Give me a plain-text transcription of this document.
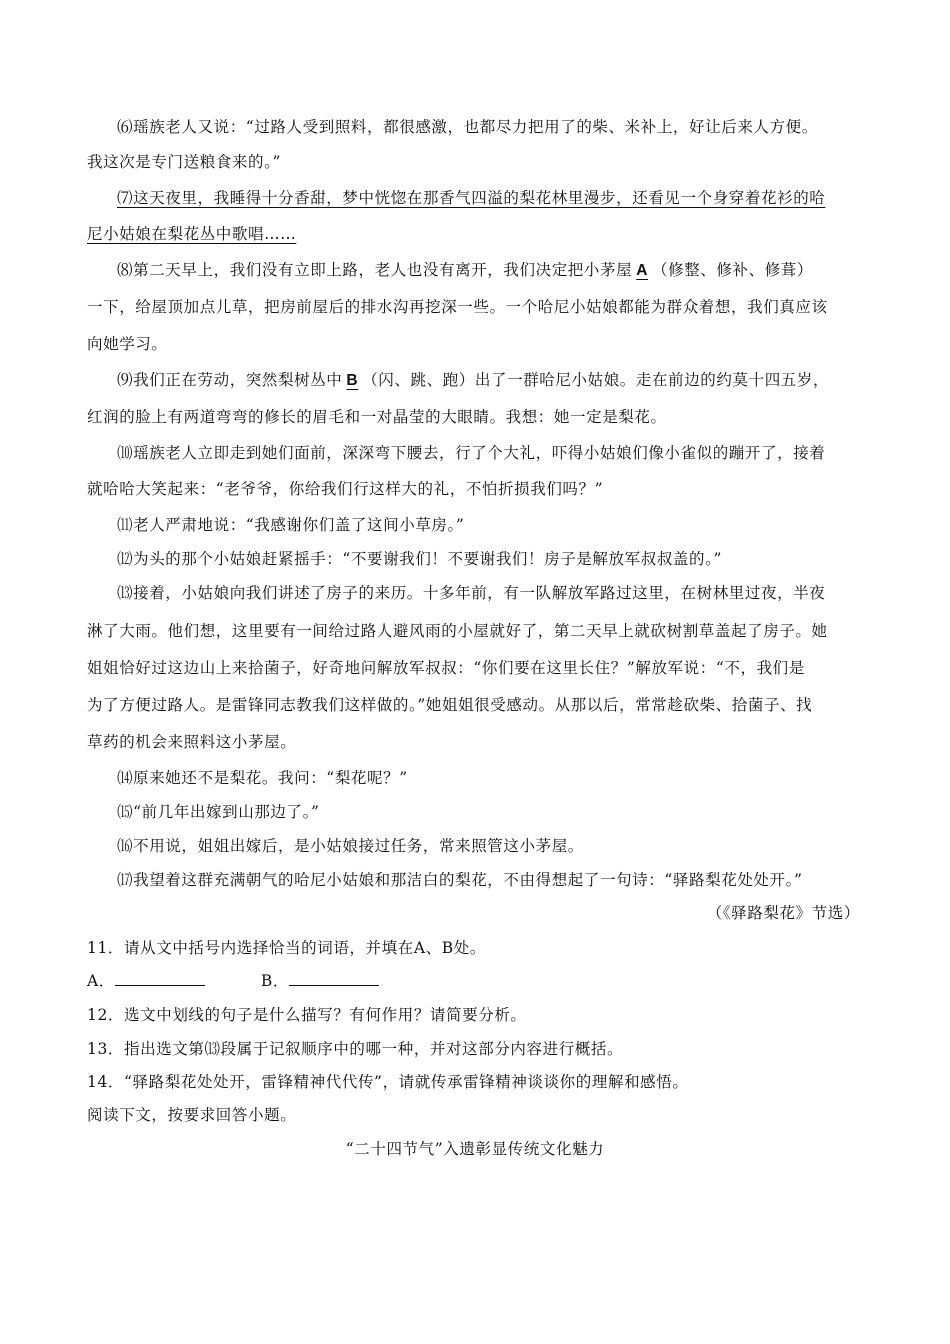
⑹瑶族老人又说：“过路人受到照料，都很感激，也都尽力把用了的柴、米补上，好让后来人方便。
我这次是专门送粮食来的。”
⑺这天夜里，我睡得十分香甜，梦中恍惚在那香气四溢的梨花林里漫步，还看见一个身穿着花衫的哈
尼小姑娘在梨花丛中歌唱……
⑻第二天早上，我们没有立即上路，老人也没有离开，我们决定把小茅屋 A （修整、修补、修葺）
一下，给屋顶加点儿草，把房前屋后的排水沟再挖深一些。一个哈尼小姑娘都能为群众着想，我们真应该
向她学习。
⑼我们正在劳动，突然梨树丛中 B （闪、跳、跑）出了一群哈尼小姑娘。走在前边的约莫十四五岁，
红润的脸上有两道弯弯的修长的眉毛和一对晶莹的大眼睛。我想：她一定是梨花。
⑽瑶族老人立即走到她们面前，深深弯下腰去，行了个大礼，吓得小姑娘们像小雀似的蹦开了，接着
就哈哈大笑起来：“老爷爷，你给我们行这样大的礼，不怕折损我们吗？”
⑾老人严肃地说：“我感谢你们盖了这间小草房。”
⑿为头的那个小姑娘赶紧摇手：“不要谢我们！不要谢我们！房子是解放军叔叔盖的。”
⒀接着，小姑娘向我们讲述了房子的来历。十多年前，有一队解放军路过这里，在树林里过夜，半夜
淋了大雨。他们想，这里要有一间给过路人避风雨的小屋就好了，第二天早上就砍树割草盖起了房子。她
姐姐恰好过这边山上来拾菌子，好奇地问解放军叔叔：“你们要在这里长住？”解放军说：“不，我们是
为了方便过路人。是雷锋同志教我们这样做的。”她姐姐很受感动。从那以后，常常趁砍柴、拾菌子、找
草药的机会来照料这小茅屋。
⒁原来她还不是梨花。我问：“梨花呢？”
⒂“前几年出嫁到山那边了。”
⒃不用说，姐姐出嫁后，是小姑娘接过任务，常来照管这小茅屋。
⒄我望着这群充满朝气的哈尼小姑娘和那洁白的梨花，不由得想起了一句诗：“驿路梨花处处开。”
（《驿路梨花》节选）
11．请从文中括号内选择恰当的词语，并填在A、B处。
A．	B．
12．选文中划线的句子是什么描写？有何作用？请简要分析。
13．指出选文第⒀段属于记叙顺序中的哪一种，并对这部分内容进行概括。
14．“驿路梨花处处开，雷锋精神代代传”，请就传承雷锋精神谈谈你的理解和感悟。
阅读下文，按要求回答小题。
“二十四节气”入遗彰显传统文化魅力
